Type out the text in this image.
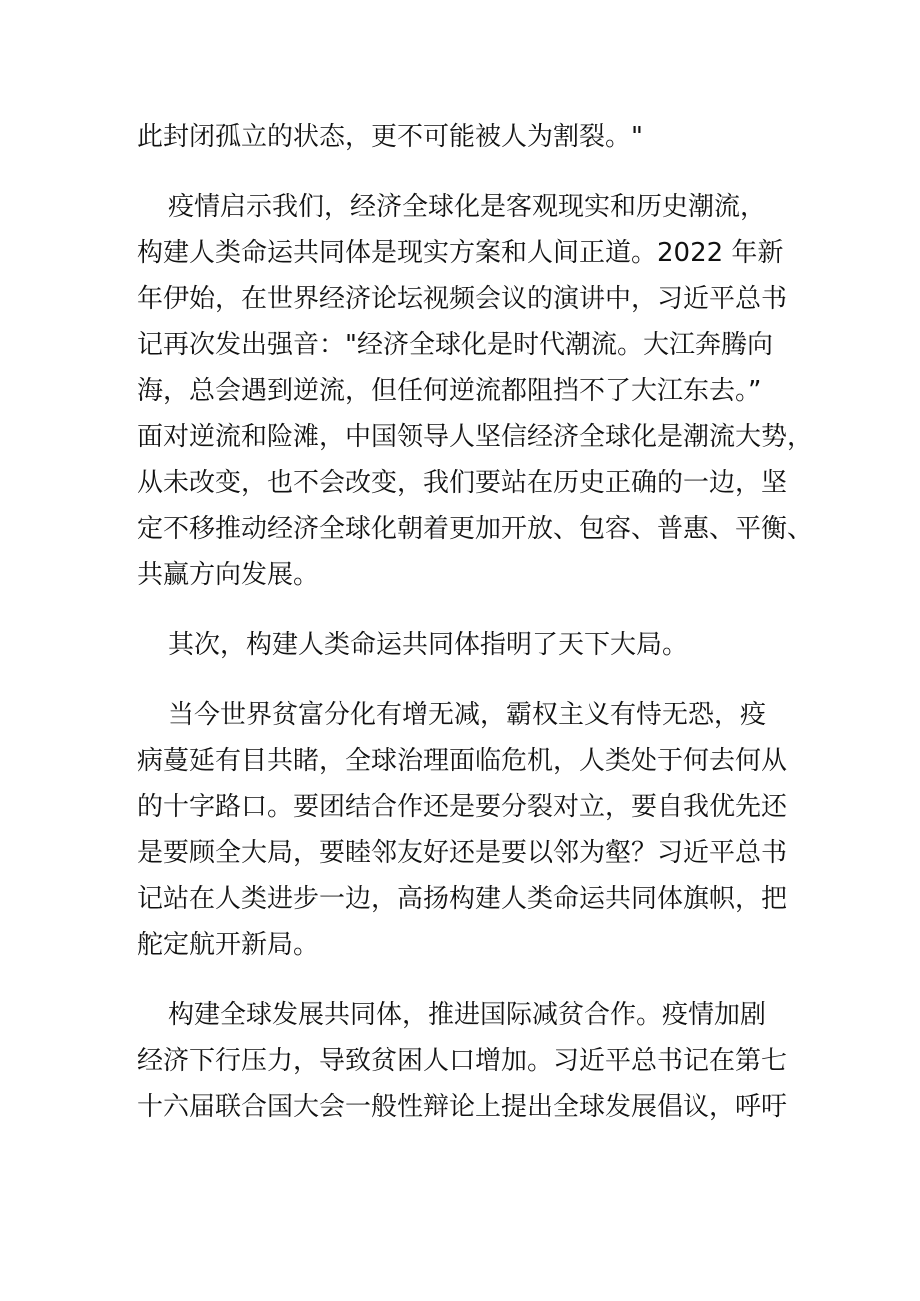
此封闭孤立的状态，更不可能被人为割裂。"
疫情启示我们，经济全球化是客观现实和历史潮流，
构建人类命运共同体是现实方案和人间正道。2022 年新
年伊始，在世界经济论坛视频会议的演讲中，习近平总书
记再次发出强音："经济全球化是时代潮流。大江奔腾向
海，总会遇到逆流，但任何逆流都阻挡不了大江东去。”
面对逆流和险滩，中国领导人坚信经济全球化是潮流大势，
从未改变，也不会改变，我们要站在历史正确的一边，坚
定不移推动经济全球化朝着更加开放、包容、普惠、平衡、
共赢方向发展。
其次，构建人类命运共同体指明了天下大局。
当今世界贫富分化有增无减，霸权主义有恃无恐，疫
病蔓延有目共睹，全球治理面临危机，人类处于何去何从
的十字路口。要团结合作还是要分裂对立，要自我优先还
是要顾全大局，要睦邻友好还是要以邻为壑？习近平总书
记站在人类进步一边，高扬构建人类命运共同体旗帜，把
舵定航开新局。
构建全球发展共同体，推进国际减贫合作。疫情加剧
经济下行压力，导致贫困人口增加。习近平总书记在第七
十六届联合国大会一般性辩论上提出全球发展倡议，呼吁
